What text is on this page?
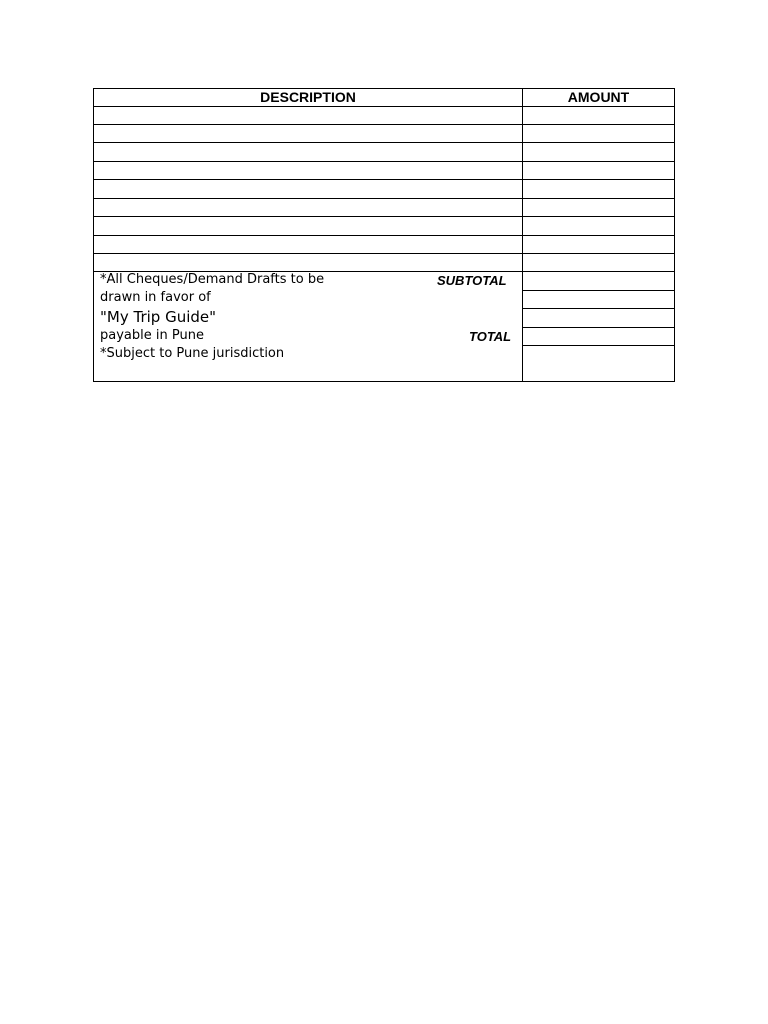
DESCRIPTION	AMOUNT
*All Cheques/Demand Drafts to be
drawn in favor of
"My Trip Guide"
payable in Pune
*Subject to Pune jurisdiction
SUBTOTAL
TOTAL
